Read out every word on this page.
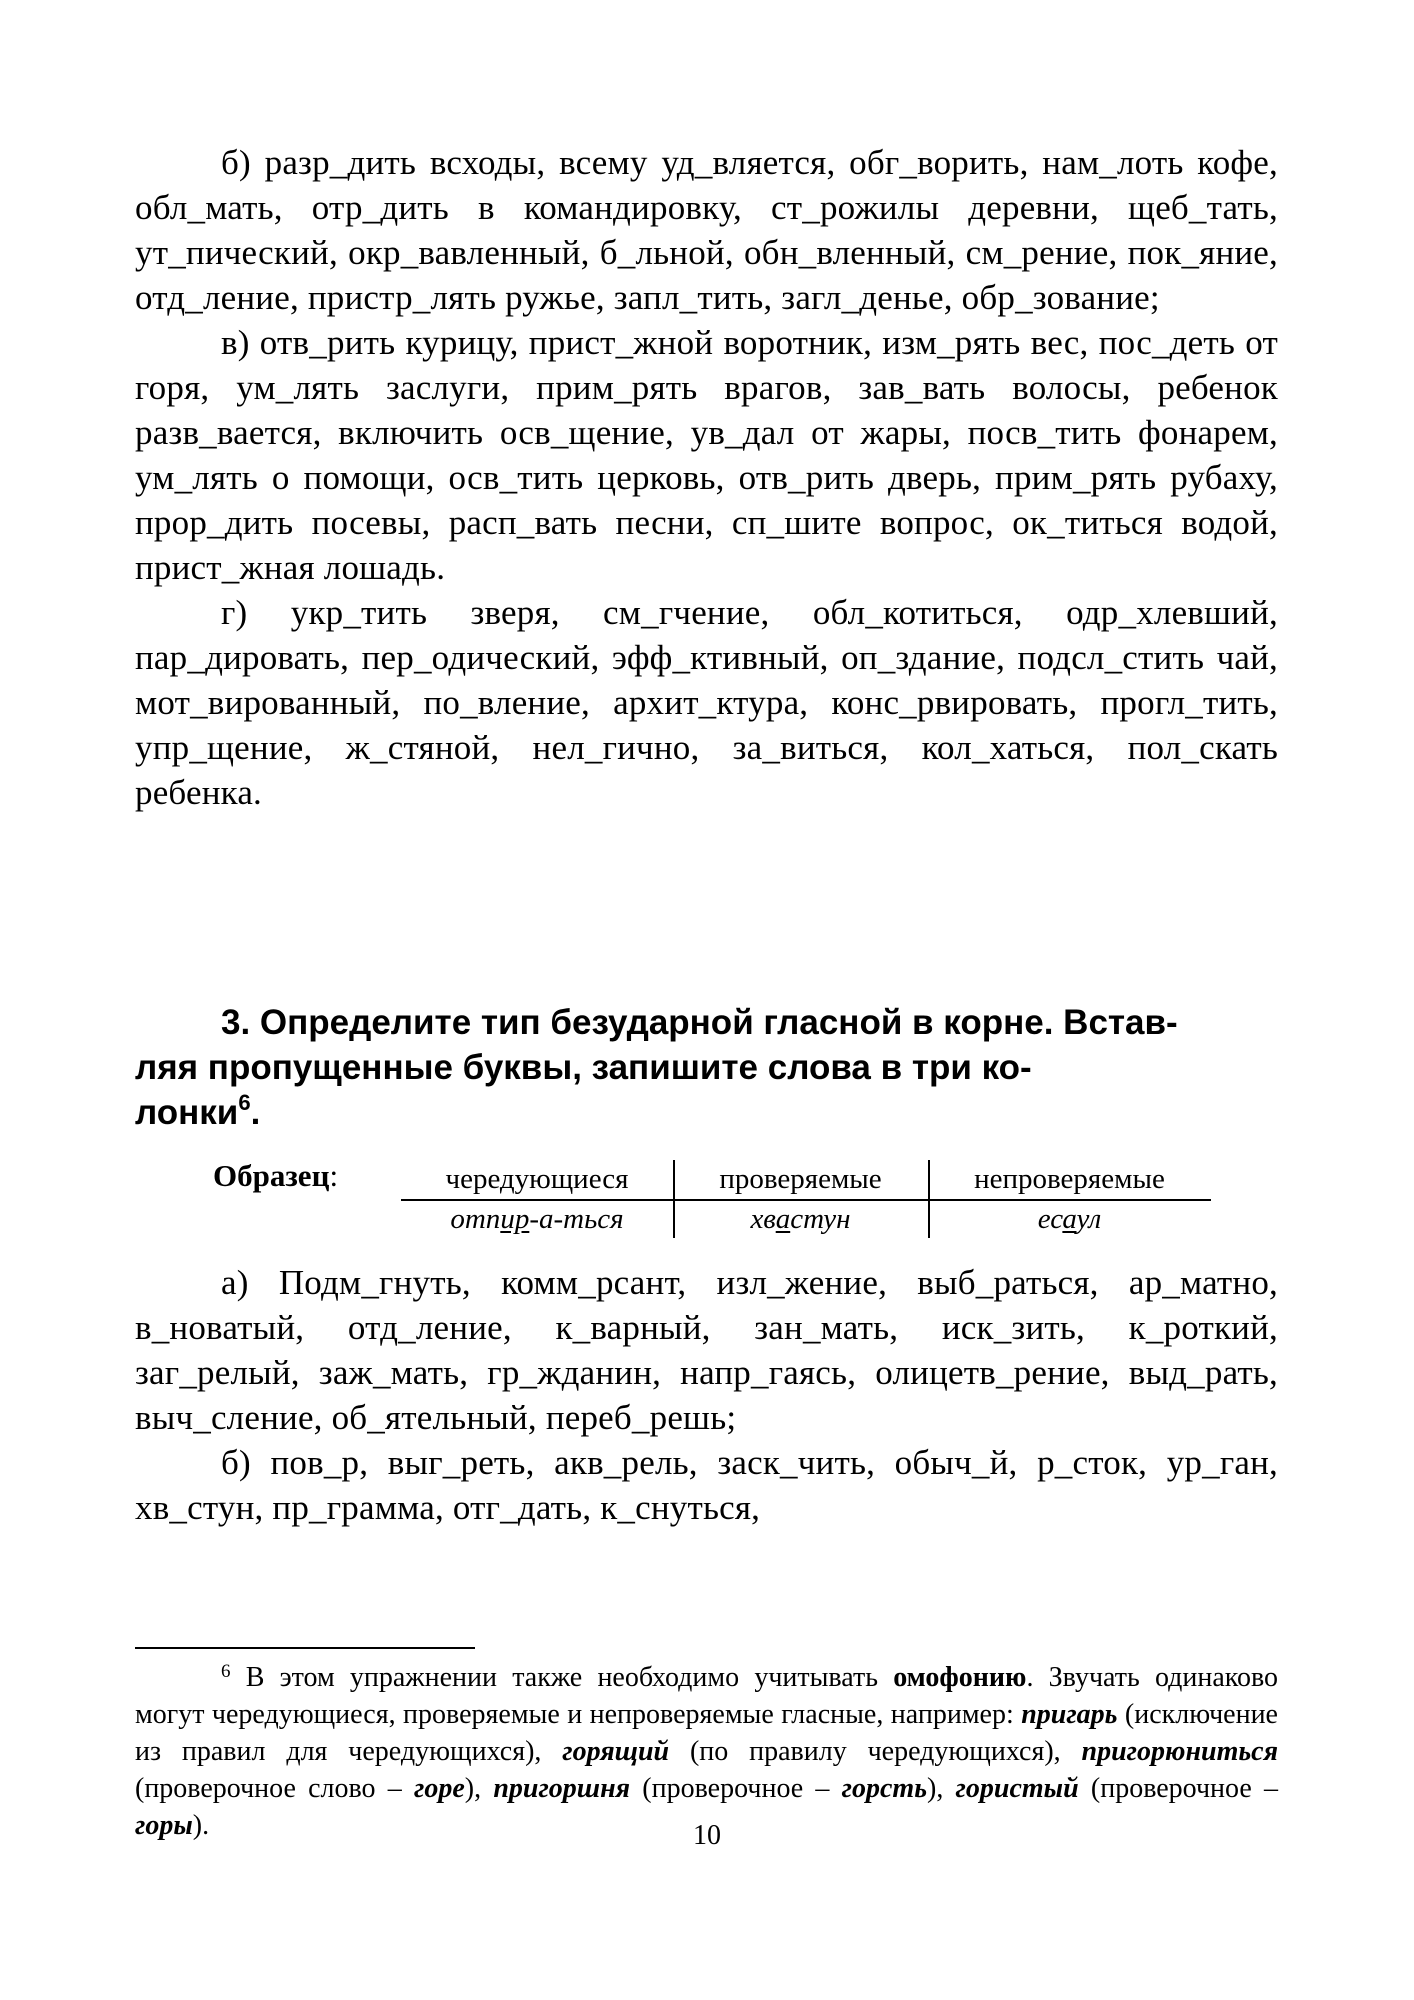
б) разр_дить всходы, всему уд_вляется, обг_ворить, нам_лоть кофе, обл_мать, отр_дить в командировку, ст_рожилы деревни, щеб_тать, ут_пический, окр_вавленный, б_льной, обн_вленный, см_рение, пок_яние, отд_ление, пристр_лять ружье, запл_тить, загл_денье, обр_зование;

в) отв_рить курицу, прист_жной воротник, изм_рять вес, пос_деть от горя, ум_лять заслуги, прим_рять врагов, зав_вать волосы, ребенок разв_вается, включить осв_щение, ув_дал от жары, посв_тить фонарем, ум_лять о помощи, осв_тить церковь, отв_рить дверь, прим_рять рубаху, прор_дить посевы, расп_вать песни, сп_шите вопрос, ок_титься водой, прист_жная лошадь.

г) укр_тить зверя, см_гчение, обл_котиться, одр_хлевший, пар_дировать, пер_одический, эфф_ктивный, оп_здание, подсл_стить чай, мот_вированный, по_вление, архит_ктура, конс_рвировать, прогл_тить, упр_щение, ж_стяной, нел_гично, за_виться, кол_хаться, пол_скать ребенка.

3. Определите тип безударной гласной в корне. Встав-
ляя пропущенные буквы, запишите слова в три ко-
лонки$^6$.

Образец:	чередующиеся	проверяемые	непроверяемые
отпир-а-ться	хвастун	есаул

а) Подм_гнуть, комм_рсант, изл_жение, выб_раться, ар_матно, в_новатый, отд_ление, к_варный, зан_мать, иск_зить, к_роткий, заг_релый, заж_мать, гр_жданин, напр_гаясь, олицетв_рение, выд_рать, выч_сление, об_ятельный, переб_решь;

б) пов_р, выг_реть, акв_рель, заск_чить, обыч_й, р_сток, ур_ган, хв_стун, пр_грамма, отг_дать, к_снуться,

$^6$ В этом упражнении также необходимо учитывать омофонию. Звучать одинаково могут чередующиеся, проверяемые и непроверяемые гласные, например: пригарь (исключение из правил для чередующихся), горящий (по правилу чередующихся), пригорюниться (проверочное слово – горе), пригоршня (проверочное – горсть), гористый (проверочное – горы).	10
